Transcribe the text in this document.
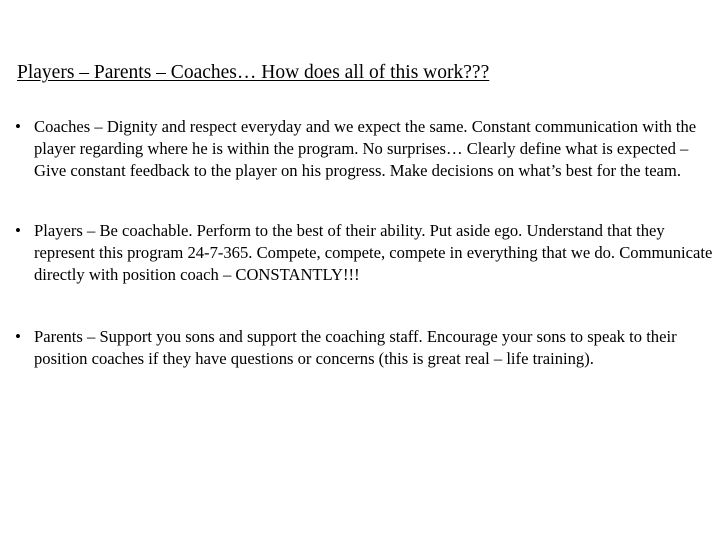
Players – Parents – Coaches… How does all of this work???
• Coaches – Dignity and respect everyday and we expect the same. Constant communication with the player regarding where he is within the program. No surprises… Clearly define what is expected – Give constant feedback to the player on his progress. Make decisions on what’s best for the team.
• Players – Be coachable. Perform to the best of their ability. Put aside ego. Understand that they represent this program 24-7-365. Compete, compete, compete in everything that we do. Communicate directly with position coach – CONSTANTLY!!!
• Parents – Support you sons and support the coaching staff. Encourage your sons to speak to their position coaches if they have questions or concerns (this is great real – life training).
